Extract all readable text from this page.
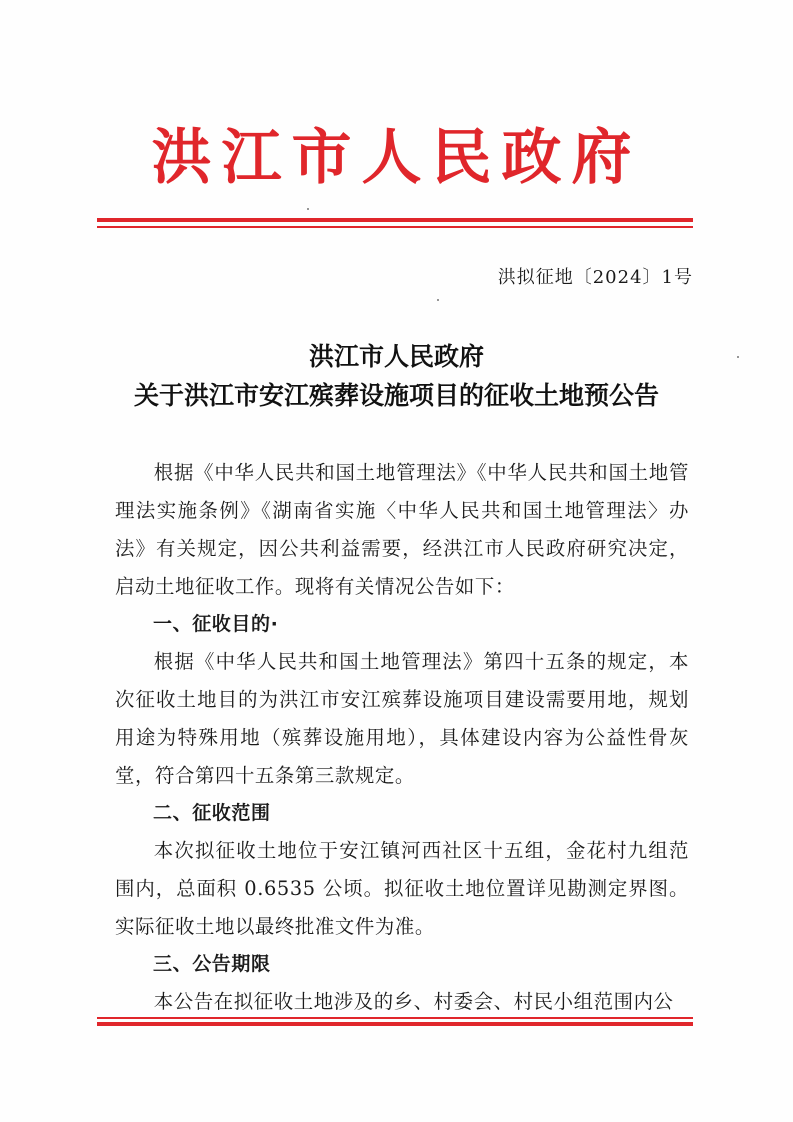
洪江市人民政府
洪拟征地〔2024〕1号
洪江市人民政府
关于洪江市安江殡葬设施项目的征收土地预公告

根据《中华人民共和国土地管理法》《中华人民共和国土地管理法实施条例》《湖南省实施〈中华人民共和国土地管理法〉办法》有关规定，因公共利益需要，经洪江市人民政府研究决定，启动土地征收工作。现将有关情况公告如下：

一、征收目的·

根据《中华人民共和国土地管理法》第四十五条的规定，本次征收土地目的为洪江市安江殡葬设施项目建设需要用地，规划用途为特殊用地（殡葬设施用地），具体建设内容为公益性骨灰堂，符合第四十五条第三款规定。

二、征收范围

本次拟征收土地位于安江镇河西社区十五组，金花村九组范围内，总面积 0.6535 公顷。拟征收土地位置详见勘测定界图。实际征收土地以最终批准文件为准。

三、公告期限

本公告在拟征收土地涉及的乡、村委会、村民小组范围内公
